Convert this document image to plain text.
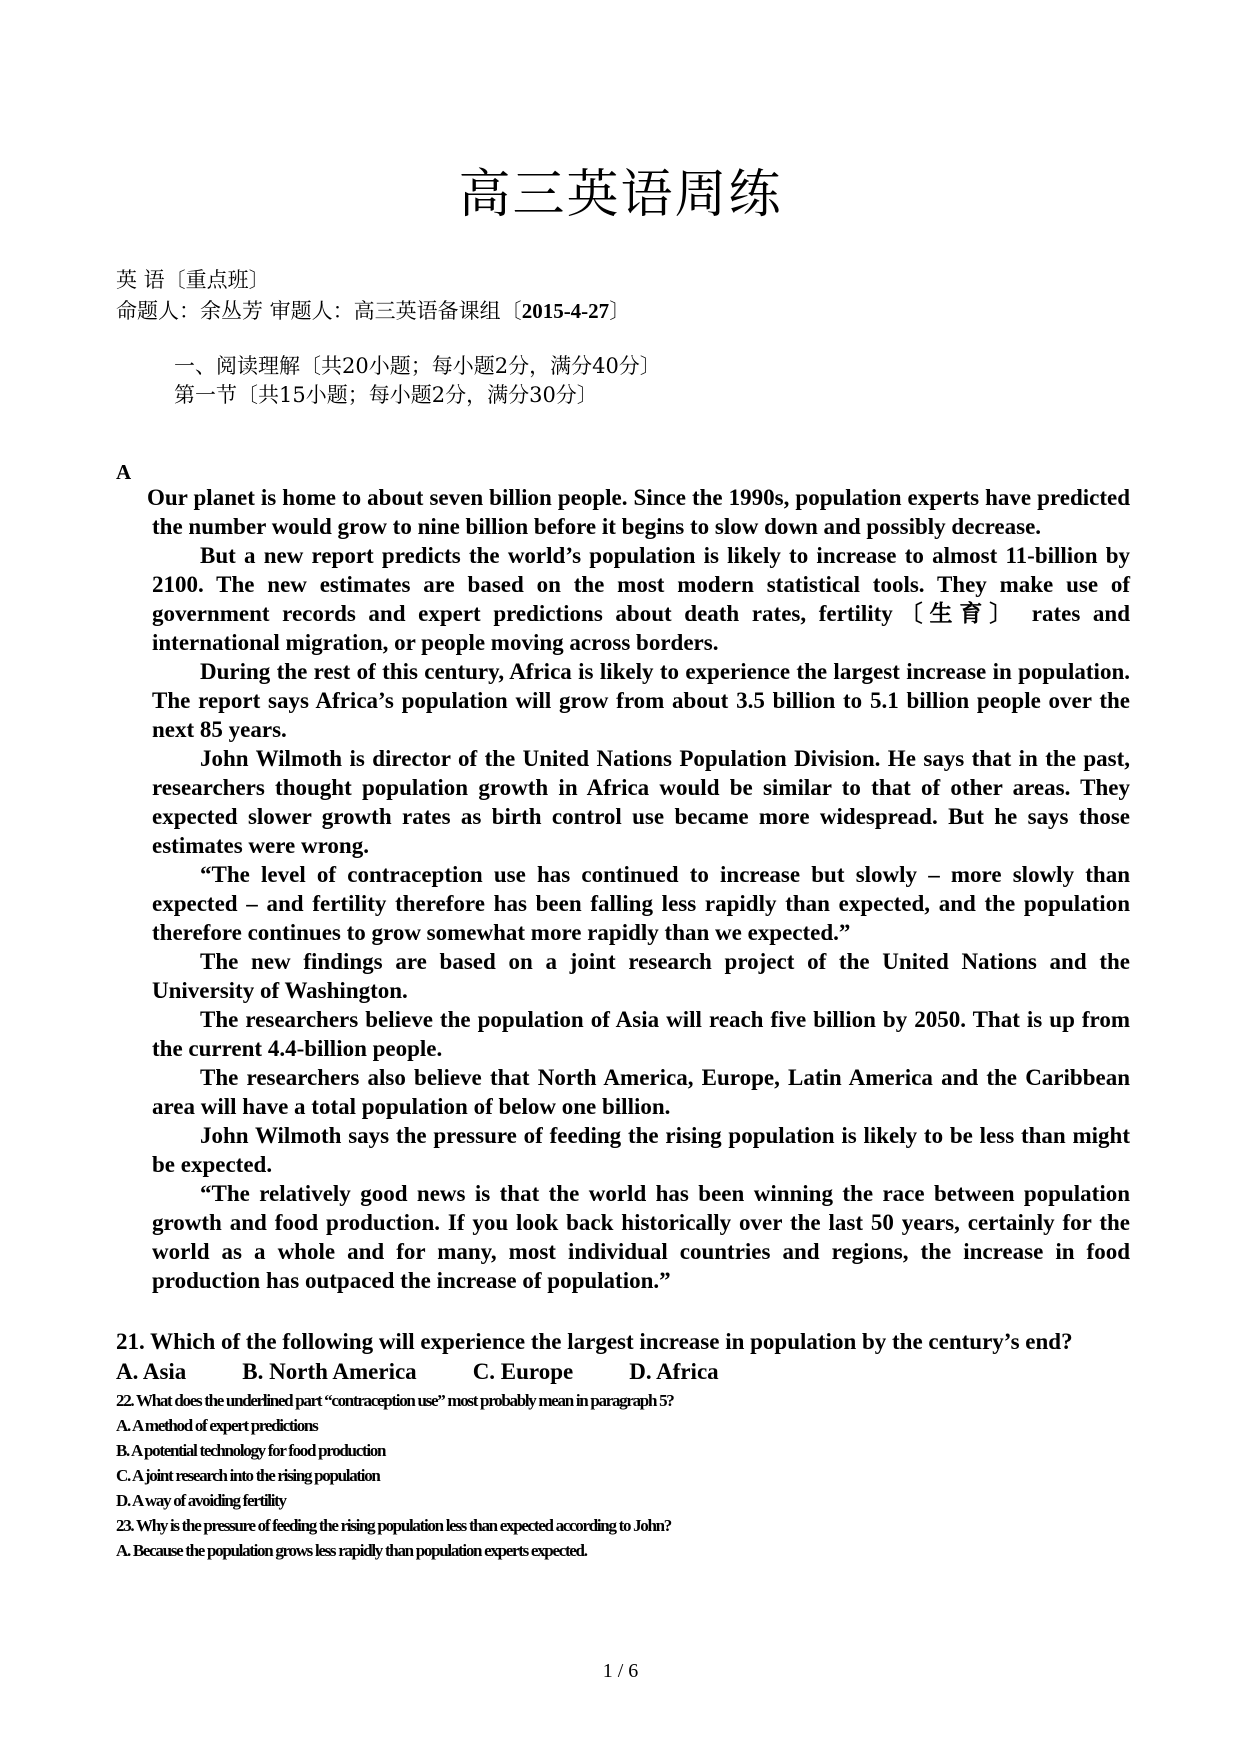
高三英语周练
英 语〔重点班〕
命题人：余丛芳 审题人：高三英语备课组〔2015-4-27〕
一、阅读理解〔共20小题；每小题2分，满分40分〕
第一节〔共15小题；每小题2分，满分30分〕
A

Our planet is home to about seven billion people. Since the 1990s, population experts have predicted the number would grow to nine billion before it begins to slow down and possibly decrease.

But a new report predicts the world’s population is likely to increase to almost 11-billion by 2100. The new estimates are based on the most modern statistical tools. They make use of government records and expert predictions about death rates, fertility〔生育〕 rates and international migration, or people moving across borders.

During the rest of this century, Africa is likely to experience the largest increase in population. The report says Africa’s population will grow from about 3.5 billion to 5.1 billion people over the next 85 years.

John Wilmoth is director of the United Nations Population Division. He says that in the past, researchers thought population growth in Africa would be similar to that of other areas. They expected slower growth rates as birth control use became more widespread. But he says those estimates were wrong.

“The level of contraception use has continued to increase but slowly – more slowly than expected – and fertility therefore has been falling less rapidly than expected, and the population therefore continues to grow somewhat more rapidly than we expected.”

The new findings are based on a joint research project of the United Nations and the University of Washington.

The researchers believe the population of Asia will reach five billion by 2050. That is up from the current 4.4-billion people.

The researchers also believe that North America, Europe, Latin America and the Caribbean area will have a total population of below one billion.

John Wilmoth says the pressure of feeding the rising population is likely to be less than might be expected.

“The relatively good news is that the world has been winning the race between population growth and food production. If you look back historically over the last 50 years, certainly for the world as a whole and for many, most individual countries and regions, the increase in food production has outpaced the increase of population.”

21. Which of the following will experience the largest increase in population by the century’s end?

A. Asia B. North America C. Europe D. Africa

22. What does the underlined part “contraception use” most probably mean in paragraph 5?

A. A method of expert predictions

B. A potential technology for food production

C. A joint research into the rising population

D. A way of avoiding fertility

23. Why is the pressure of feeding the rising population less than expected according to John?

A. Because the population grows less rapidly than population experts expected.

1 / 6
